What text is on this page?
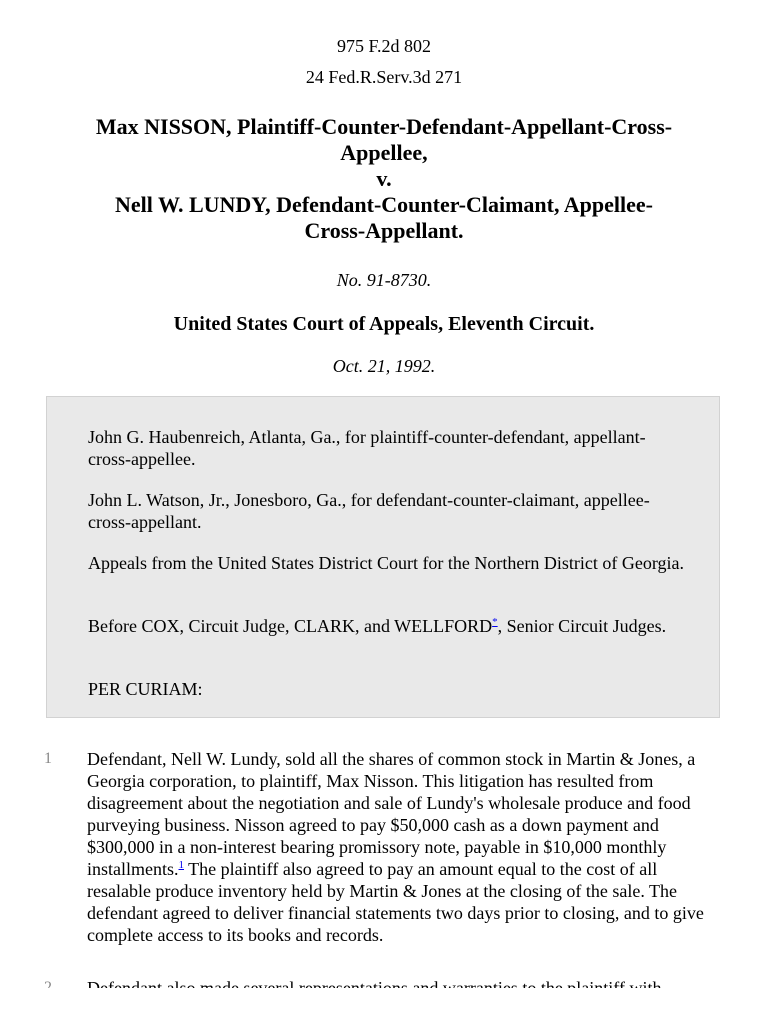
975 F.2d 802

24 Fed.R.Serv.3d 271

Max NISSON, Plaintiff-Counter-Defendant-Appellant-Cross-
Appellee,
v.
Nell W. LUNDY, Defendant-Counter-Claimant, Appellee-
Cross-Appellant.

No. 91-8730.

United States Court of Appeals, Eleventh Circuit.

Oct. 21, 1992.

John G. Haubenreich, Atlanta, Ga., for plaintiff-counter-defendant, appellant-cross-appellee.

John L. Watson, Jr., Jonesboro, Ga., for defendant-counter-claimant, appellee-cross-appellant.

Appeals from the United States District Court for the Northern District of Georgia.

Before COX, Circuit Judge, CLARK, and WELLFORD*, Senior Circuit Judges.

PER CURIAM:

1 Defendant, Nell W. Lundy, sold all the shares of common stock in Martin & Jones, a Georgia corporation, to plaintiff, Max Nisson. This litigation has resulted from disagreement about the negotiation and sale of Lundy's wholesale produce and food purveying business. Nisson agreed to pay $50,000 cash as a down payment and $300,000 in a non-interest bearing promissory note, payable in $10,000 monthly installments.$^1$ The plaintiff also agreed to pay an amount equal to the cost of all resalable produce inventory held by Martin & Jones at the closing of the sale. The defendant agreed to deliver financial statements two days prior to closing, and to give complete access to its books and records.
